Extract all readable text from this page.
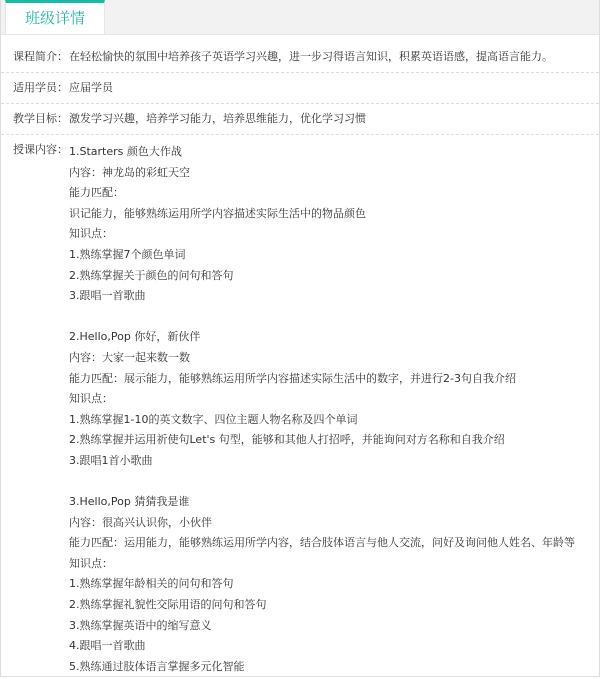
班级详情
课程简介： 在轻松愉快的氛围中培养孩子英语学习兴趣，进一步习得语言知识，积累英语语感，提高语言能力。
适用学员： 应届学员
教学目标： 激发学习兴趣，培养学习能力，培养思维能力，优化学习习惯
授课内容： 1.Starters 颜色大作战
内容：神龙岛的彩虹天空
能力匹配：
识记能力，能够熟练运用所学内容描述实际生活中的物品颜色
知识点：
1.熟练掌握7个颜色单词
2.熟练掌握关于颜色的问句和答句
3.跟唱一首歌曲
2.Hello,Pop 你好，新伙伴
内容：大家一起来数一数
能力匹配：展示能力，能够熟练运用所学内容描述实际生活中的数字，并进行2-3句自我介绍
知识点：
1.熟练掌握1-10的英文数字、四位主题人物名称及四个单词
2.熟练掌握并运用祈使句Let's 句型，能够和其他人打招呼，并能询问对方名称和自我介绍
3.跟唱1首小歌曲
3.Hello,Pop 猜猜我是谁
内容：很高兴认识你，小伙伴
能力匹配：运用能力，能够熟练运用所学内容，结合肢体语言与他人交流，问好及询问他人姓名、年龄等
知识点：
1.熟练掌握年龄相关的问句和答句
2.熟练掌握礼貌性交际用语的问句和答句
3.熟练掌握英语中的缩写意义
4.跟唱一首歌曲
5.熟练通过肢体语言掌握多元化智能
